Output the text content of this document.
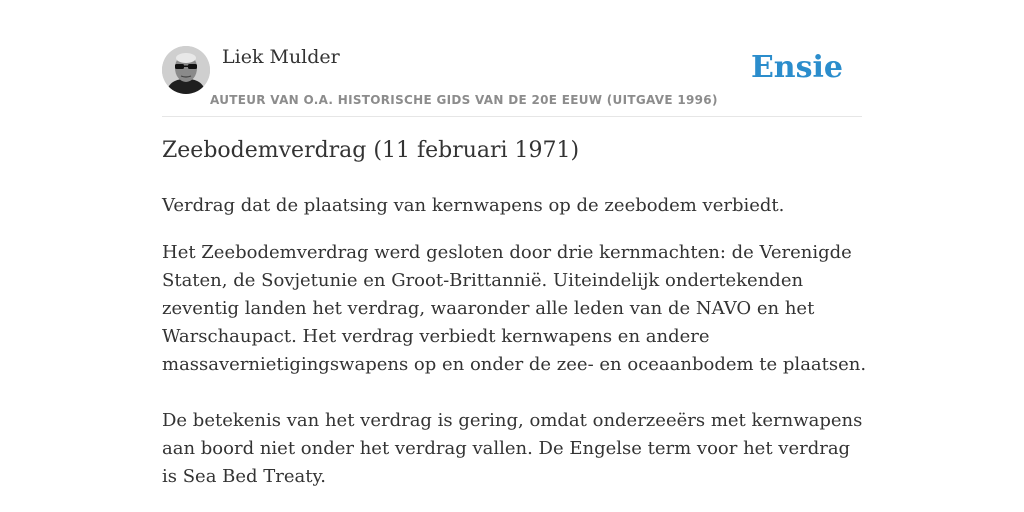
Liek Mulder
AUTEUR VAN O.A. HISTORISCHE GIDS VAN DE 20E EEUW (UITGAVE 1996)
Ensie
Zeebodemverdrag (11 februari 1971)

Verdrag dat de plaatsing van kernwapens op de zeebodem verbiedt.

Het Zeebodemverdrag werd gesloten door drie kernmachten: de Verenigde Staten, de Sovjetunie en Groot-Brittannië. Uiteindelijk ondertekenden zeventig landen het verdrag, waaronder alle leden van de NAVO en het Warschaupact. Het verdrag verbiedt kernwapens en andere massavernietigingswapens op en onder de zee- en oceaanbodem te plaatsen.

De betekenis van het verdrag is gering, omdat onderzeeërs met kernwapens aan boord niet onder het verdrag vallen. De Engelse term voor het verdrag is Sea Bed Treaty.
